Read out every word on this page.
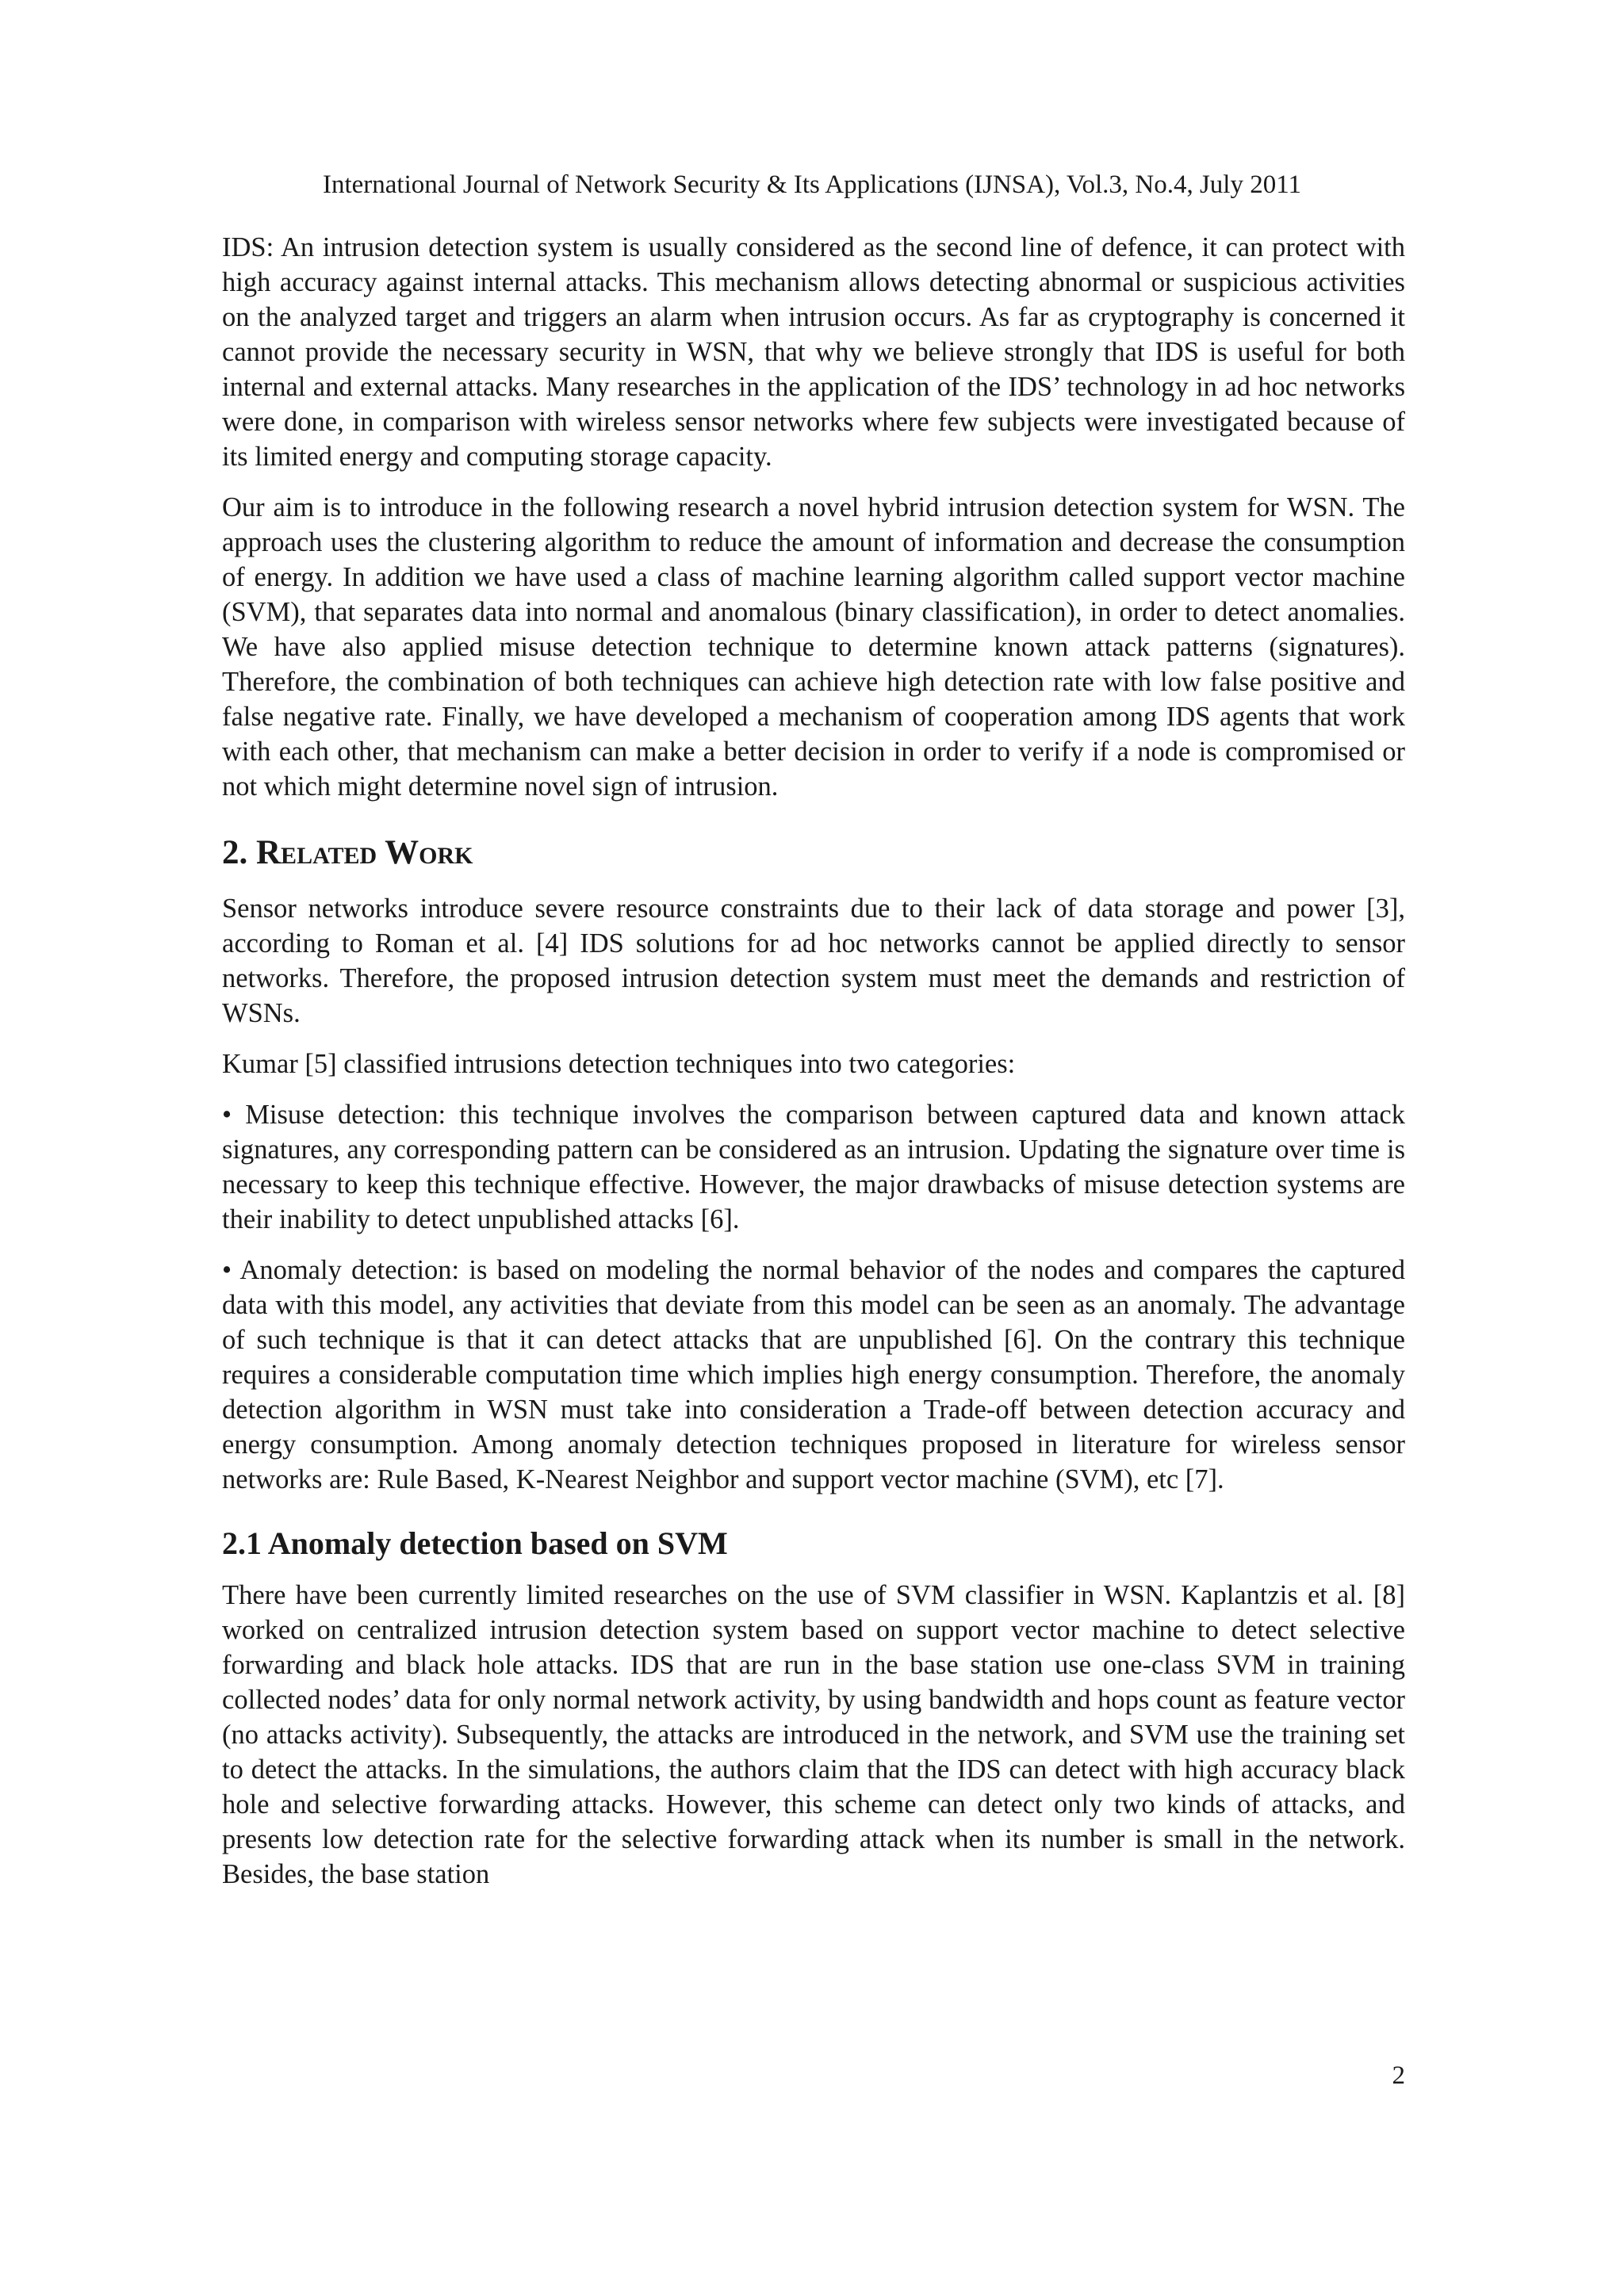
International Journal of Network Security & Its Applications (IJNSA), Vol.3, No.4, July 2011

IDS: An intrusion detection system is usually considered as the second line of defence, it can protect with high accuracy against internal attacks. This mechanism allows detecting abnormal or suspicious activities on the analyzed target and triggers an alarm when intrusion occurs. As far as cryptography is concerned it cannot provide the necessary security in WSN, that why we believe strongly that IDS is useful for both internal and external attacks. Many researches in the application of the IDS’ technology in ad hoc networks were done, in comparison with wireless sensor networks where few subjects were investigated because of its limited energy and computing storage capacity.

Our aim is to introduce in the following research a novel hybrid intrusion detection system for WSN. The approach uses the clustering algorithm to reduce the amount of information and decrease the consumption of energy. In addition we have used a class of machine learning algorithm called support vector machine (SVM), that separates data into normal and anomalous (binary classification), in order to detect anomalies. We have also applied misuse detection technique to determine known attack patterns (signatures). Therefore, the combination of both techniques can achieve high detection rate with low false positive and false negative rate. Finally, we have developed a mechanism of cooperation among IDS agents that work with each other, that mechanism can make a better decision in order to verify if a node is compromised or not which might determine novel sign of intrusion.

2. Related Work

Sensor networks introduce severe resource constraints due to their lack of data storage and power [3], according to Roman et al. [4] IDS solutions for ad hoc networks cannot be applied directly to sensor networks. Therefore, the proposed intrusion detection system must meet the demands and restriction of WSNs.

Kumar [5] classified intrusions detection techniques into two categories:

• Misuse detection: this technique involves the comparison between captured data and known attack signatures, any corresponding pattern can be considered as an intrusion. Updating the signature over time is necessary to keep this technique effective. However, the major drawbacks of misuse detection systems are their inability to detect unpublished attacks [6].

• Anomaly detection: is based on modeling the normal behavior of the nodes and compares the captured data with this model, any activities that deviate from this model can be seen as an anomaly. The advantage of such technique is that it can detect attacks that are unpublished [6]. On the contrary this technique requires a considerable computation time which implies high energy consumption. Therefore, the anomaly detection algorithm in WSN must take into consideration a Trade-off between detection accuracy and energy consumption. Among anomaly detection techniques proposed in literature for wireless sensor networks are: Rule Based, K-Nearest Neighbor and support vector machine (SVM), etc [7].

2.1 Anomaly detection based on SVM

There have been currently limited researches on the use of SVM classifier in WSN. Kaplantzis et al. [8] worked on centralized intrusion detection system based on support vector machine to detect selective forwarding and black hole attacks. IDS that are run in the base station use one-class SVM in training collected nodes’ data for only normal network activity, by using bandwidth and hops count as feature vector (no attacks activity). Subsequently, the attacks are introduced in the network, and SVM use the training set to detect the attacks. In the simulations, the authors claim that the IDS can detect with high accuracy black hole and selective forwarding attacks. However, this scheme can detect only two kinds of attacks, and presents low detection rate for the selective forwarding attack when its number is small in the network. Besides, the base station

2
